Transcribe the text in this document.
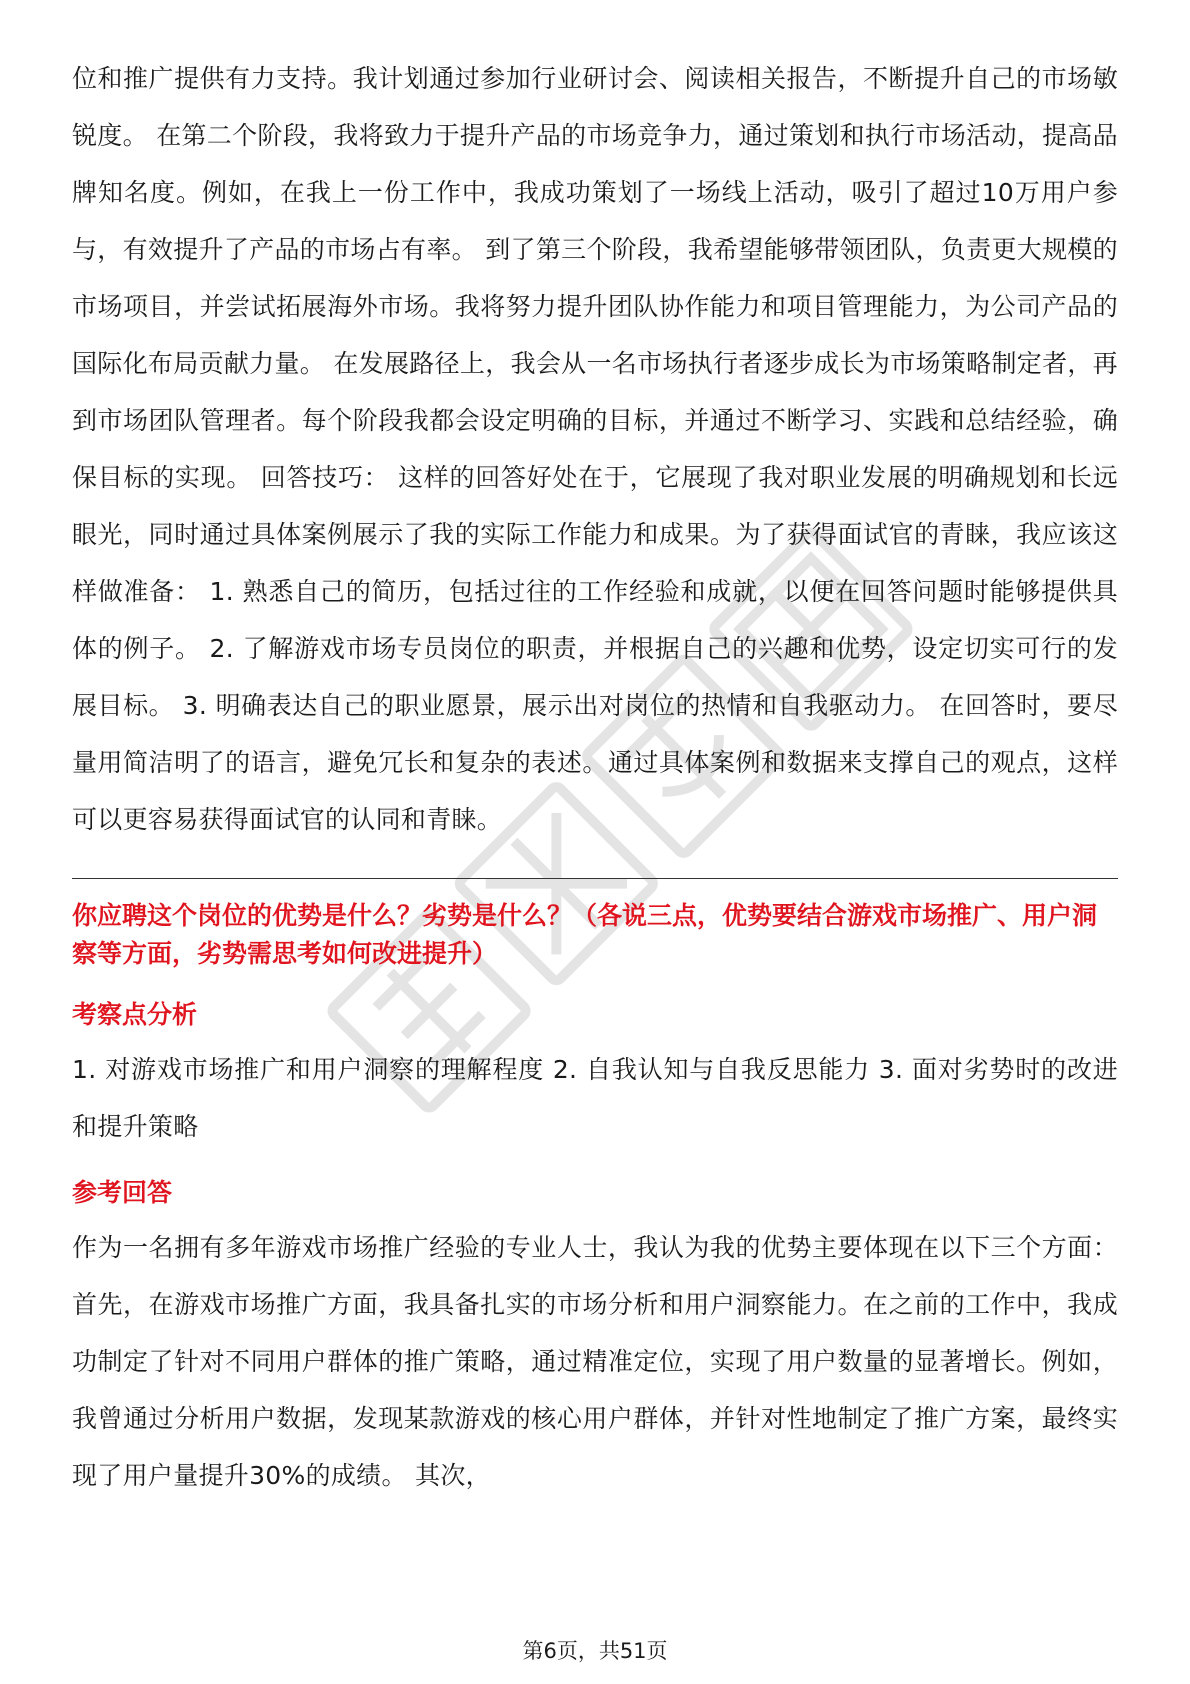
位和推广提供有力支持。我计划通过参加行业研讨会、阅读相关报告，不断提升自己的市场敏锐度。 在第二个阶段，我将致力于提升产品的市场竞争力，通过策划和执行市场活动，提高品牌知名度。例如，在我上一份工作中，我成功策划了一场线上活动，吸引了超过10万用户参与，有效提升了产品的市场占有率。 到了第三个阶段，我希望能够带领团队，负责更大规模的市场项目，并尝试拓展海外市场。我将努力提升团队协作能力和项目管理能力，为公司产品的国际化布局贡献力量。 在发展路径上，我会从一名市场执行者逐步成长为市场策略制定者，再到市场团队管理者。每个阶段我都会设定明确的目标，并通过不断学习、实践和总结经验，确保目标的实现。 回答技巧： 这样的回答好处在于，它展现了我对职业发展的明确规划和长远眼光，同时通过具体案例展示了我的实际工作能力和成果。为了获得面试官的青睐，我应该这样做准备： 1. 熟悉自己的简历，包括过往的工作经验和成就，以便在回答问题时能够提供具体的例子。 2. 了解游戏市场专员岗位的职责，并根据自己的兴趣和优势，设定切实可行的发展目标。 3. 明确表达自己的职业愿景，展示出对岗位的热情和自我驱动力。 在回答时，要尽量用简洁明了的语言，避免冗长和复杂的表述。通过具体案例和数据来支撑自己的观点，这样可以更容易获得面试官的认同和青睐。

你应聘这个岗位的优势是什么？劣势是什么？（各说三点，优势要结合游戏市场推广、用户洞察等方面，劣势需思考如何改进提升）

考察点分析

1. 对游戏市场推广和用户洞察的理解程度 2. 自我认知与自我反思能力 3. 面对劣势时的改进和提升策略

参考回答

作为一名拥有多年游戏市场推广经验的专业人士，我认为我的优势主要体现在以下三个方面： 首先，在游戏市场推广方面，我具备扎实的市场分析和用户洞察能力。在之前的工作中，我成功制定了针对不同用户群体的推广策略，通过精准定位，实现了用户数量的显著增长。例如，我曾通过分析用户数据，发现某款游戏的核心用户群体，并针对性地制定了推广方案，最终实现了用户量提升30%的成绩。 其次，

第6页，共51页
